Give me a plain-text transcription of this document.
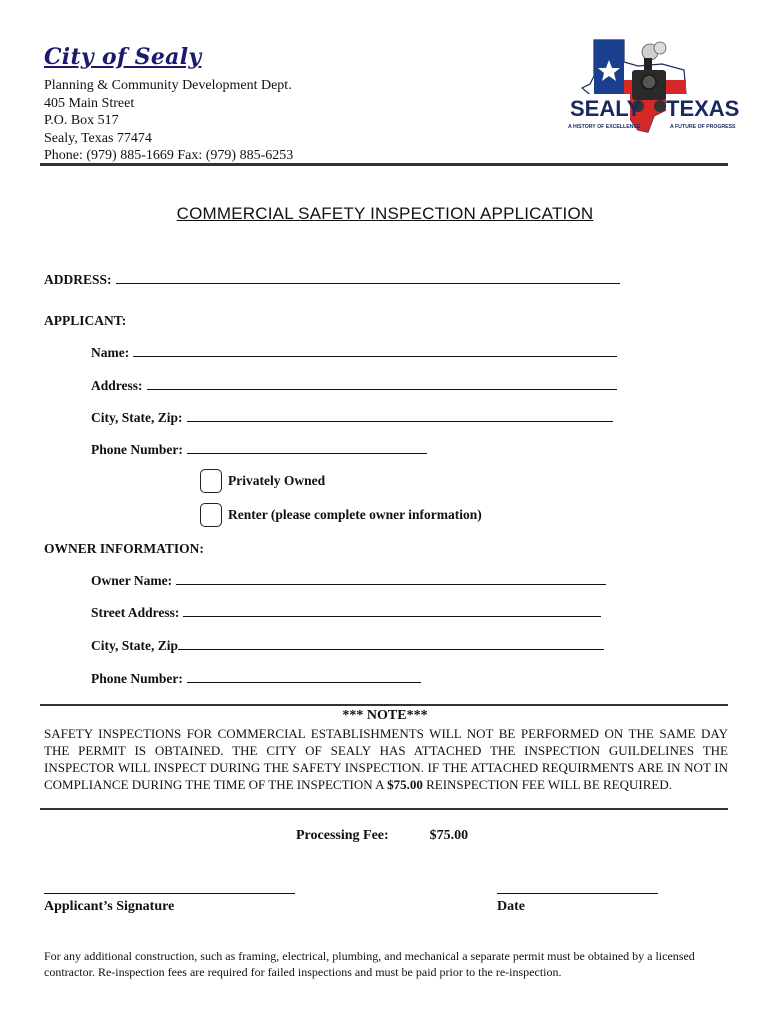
City of Sealy
Planning & Community Development Dept.
405 Main Street
P.O. Box 517
Sealy, Texas 77474
Phone: (979) 885-1669 Fax: (979) 885-6253
SEALY TEXAS
A HISTORY OF EXCELLENCE	A FUTURE OF PROGRESS
COMMERCIAL SAFETY INSPECTION APPLICATION
ADDRESS:
APPLICANT:
Name:
Address:
City, State, Zip:
Phone Number:
Privately Owned
Renter (please complete owner information)
OWNER INFORMATION:
Owner Name:
Street Address:
City, State, Zip
Phone Number:
*** NOTE***
SAFETY INSPECTIONS FOR COMMERCIAL ESTABLISHMENTS WILL NOT BE PERFORMED ON THE SAME DAY THE PERMIT IS OBTAINED. THE CITY OF SEALY HAS ATTACHED THE INSPECTION GUILDELINES THE INSPECTOR WILL INSPECT DURING THE SAFETY INSPECTION. IF THE ATTACHED REQUIRMENTS ARE IN NOT IN COMPLIANCE DURING THE TIME OF THE INSPECTION A $75.00 REINSPECTION FEE WILL BE REQUIRED.
Processing Fee:	$75.00
Applicant’s Signature	Date
For any additional construction, such as framing, electrical, plumbing, and mechanical a separate permit must be obtained by a licensed contractor. Re-inspection fees are required for failed inspections and must be paid prior to the re-inspection.
